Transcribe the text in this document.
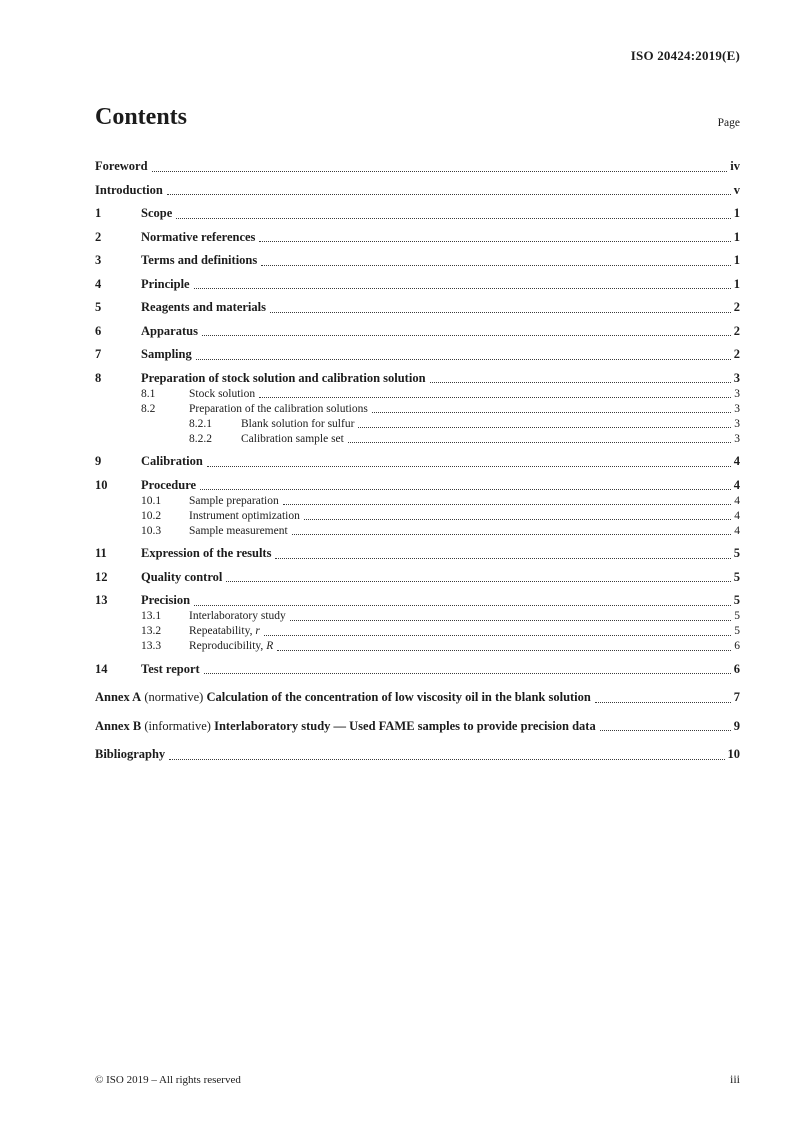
ISO 20424:2019(E)
Contents	Page
Foreword	iv
Introduction	v
1	Scope	1
2	Normative references	1
3	Terms and definitions	1
4	Principle	1
5	Reagents and materials	2
6	Apparatus	2
7	Sampling	2
8	Preparation of stock solution and calibration solution	3
8.1	Stock solution	3
8.2	Preparation of the calibration solutions	3
8.2.1	Blank solution for sulfur	3
8.2.2	Calibration sample set	3
9	Calibration	4
10	Procedure	4
10.1	Sample preparation	4
10.2	Instrument optimization	4
10.3	Sample measurement	4
11	Expression of the results	5
12	Quality control	5
13	Precision	5
13.1	Interlaboratory study	5
13.2	Repeatability, r	5
13.3	Reproducibility, R	6
14	Test report	6
Annex A (normative) Calculation of the concentration of low viscosity oil in the blank solution	7
Annex B (informative) Interlaboratory study — Used FAME samples to provide precision data	9
Bibliography	10
© ISO 2019 – All rights reserved	iii
